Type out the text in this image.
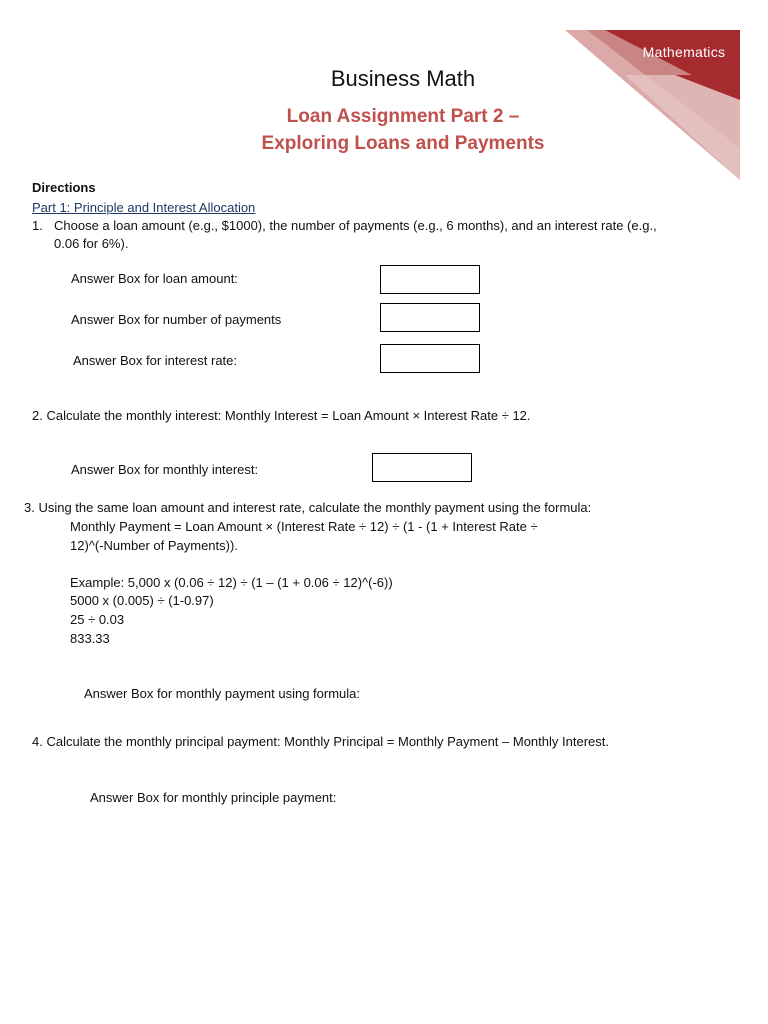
Mathematics
Business Math
Loan Assignment Part 2 –
Exploring Loans and Payments
Directions
Part 1: Principle and Interest Allocation
1. Choose a loan amount (e.g., $1000), the number of payments (e.g., 6 months), and an interest rate (e.g.,
0.06 for 6%).
Answer Box for loan amount:
Answer Box for number of payments
Answer Box for interest rate:
2. Calculate the monthly interest: Monthly Interest = Loan Amount × Interest Rate ÷ 12.
Answer Box for monthly interest:
3. Using the same loan amount and interest rate, calculate the monthly payment using the formula:
Monthly Payment = Loan Amount × (Interest Rate ÷ 12) ÷ (1 - (1 + Interest Rate ÷
12)^(-Number of Payments)).
Example: 5,000 x (0.06 ÷ 12) ÷ (1 – (1 + 0.06 ÷ 12)^(-6))
5000 x (0.005) ÷ (1-0.97)
25 ÷ 0.03
833.33
Answer Box for monthly payment using formula:
4. Calculate the monthly principal payment: Monthly Principal = Monthly Payment – Monthly Interest.
Answer Box for monthly principle payment:
